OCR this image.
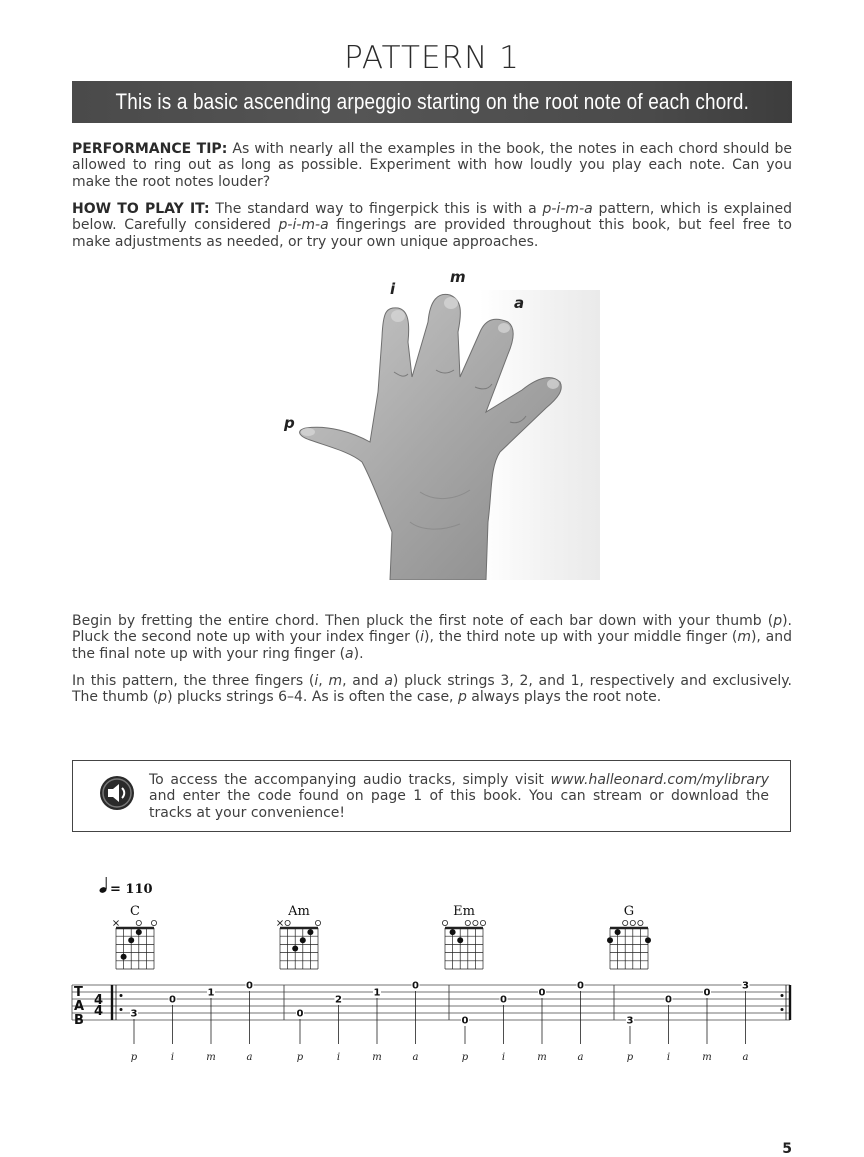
PATTERN 1
This is a basic ascending arpeggio starting on the root note of each chord.
PERFORMANCE TIP: As with nearly all the examples in the book, the notes in each chord should be allowed to ring out as long as possible. Experiment with how loudly you play each note. Can you make the root notes louder?
HOW TO PLAY IT: The standard way to fingerpick this is with a p-i-m-a pattern, which is explained below. Carefully considered p-i-m-a fingerings are provided throughout this book, but feel free to make adjustments as needed, or try your own unique approaches.
p
i
m
a
Begin by fretting the entire chord. Then pluck the first note of each bar down with your thumb (p). Pluck the second note up with your index finger (i), the third note up with your middle finger (m), and the final note up with your ring finger (a).
In this pattern, the three fingers (i, m, and a) pluck strings 3, 2, and 1, respectively and exclusively. The thumb (p) plucks strings 6–4. As is often the case, p always plays the root note.
To access the accompanying audio tracks, simply visit www.halleonard.com/mylibrary and enter the code found on page 1 of this book. You can stream or download the tracks at your convenience!
= 110
C	Am	Em	G
T
A
B
4
4	3
0
1
0
0
2
1
0
0
0
0
0
3
0
0
3
p	i	m	a	p	i	m	a	p	i	m	a	p	i	m	a
5
